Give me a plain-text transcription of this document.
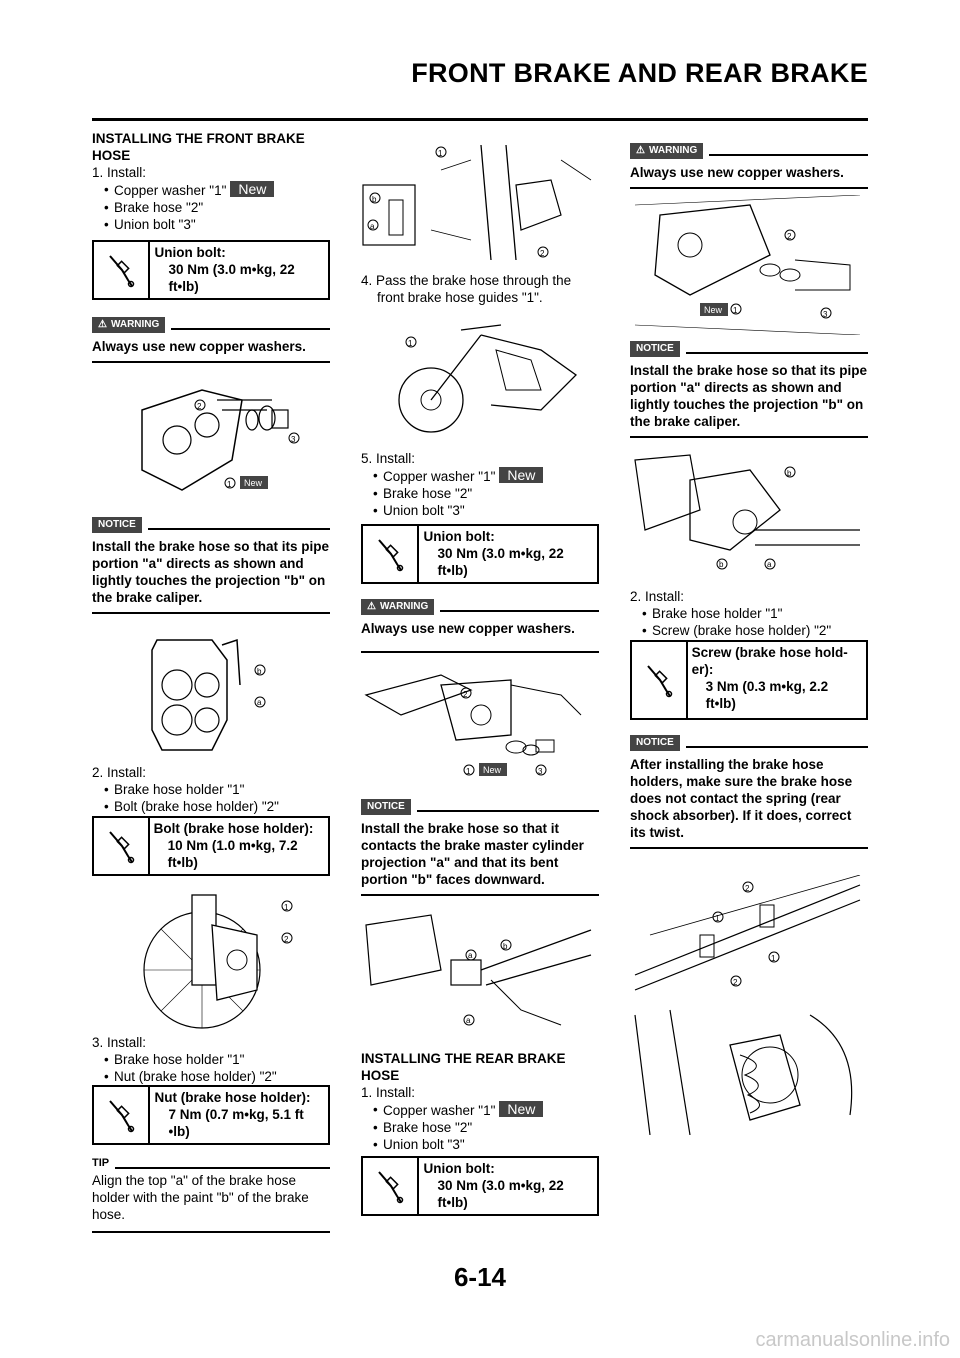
FRONT BRAKE AND REAR BRAKE
INSTALLING THE FRONT BRAKE HOSE
1. Install:
• Copper washer "1" New
• Brake hose "2"
• Union bolt "3"
Union bolt:
30 Nm (3.0 m•kg, 22 ft•lb)
⚠ WARNING
Always use new copper washers.
2
3
1 New
NOTICE
Install the brake hose so that its pipe portion "a" directs as shown and lightly touches the projection "b" on the brake caliper.
b
a
2. Install:
• Brake hose holder "1"
• Bolt (brake hose holder) "2"
Bolt (brake hose holder):
10 Nm (1.0 m•kg, 7.2 ft•lb)
1
2
3. Install:
• Brake hose holder "1"
• Nut (brake hose holder) "2"
Nut (brake hose holder):
7 Nm (0.7 m•kg, 5.1 ft •lb)
TIP
Align the top "a" of the brake hose holder with the paint "b" of the brake hose.
b
a
1
2
4. Pass the brake hose through the front brake hose guides "1".
1
5. Install:
• Copper washer "1" New
• Brake hose "2"
• Union bolt "3"
Union bolt:
30 Nm (3.0 m•kg, 22 ft•lb)
⚠ WARNING
Always use new copper washers.
2
1 New	3
NOTICE
Install the brake hose so that it contacts the brake master cylinder projection "a" and that its bent portion "b" faces downward.
a
b
a
INSTALLING THE REAR BRAKE HOSE
1. Install:
• Copper washer "1" New
• Brake hose "2"
• Union bolt "3"
Union bolt:
30 Nm (3.0 m•kg, 22 ft•lb)
⚠ WARNING
Always use new copper washers.
2
New 1	3
NOTICE
Install the brake hose so that its pipe portion "a" directs as shown and lightly touches the projection "b" on the brake caliper.
b
b	a
2. Install:
• Brake hose holder "1"
• Screw (brake hose holder) "2"
Screw (brake hose hold-er):
3 Nm (0.3 m•kg, 2.2 ft•lb)
NOTICE
After installing the brake hose holders, make sure the brake hose does not contact the spring (rear shock absorber). If it does, correct its twist.
2
1
1
2
6-14
carmanualsonline.info
